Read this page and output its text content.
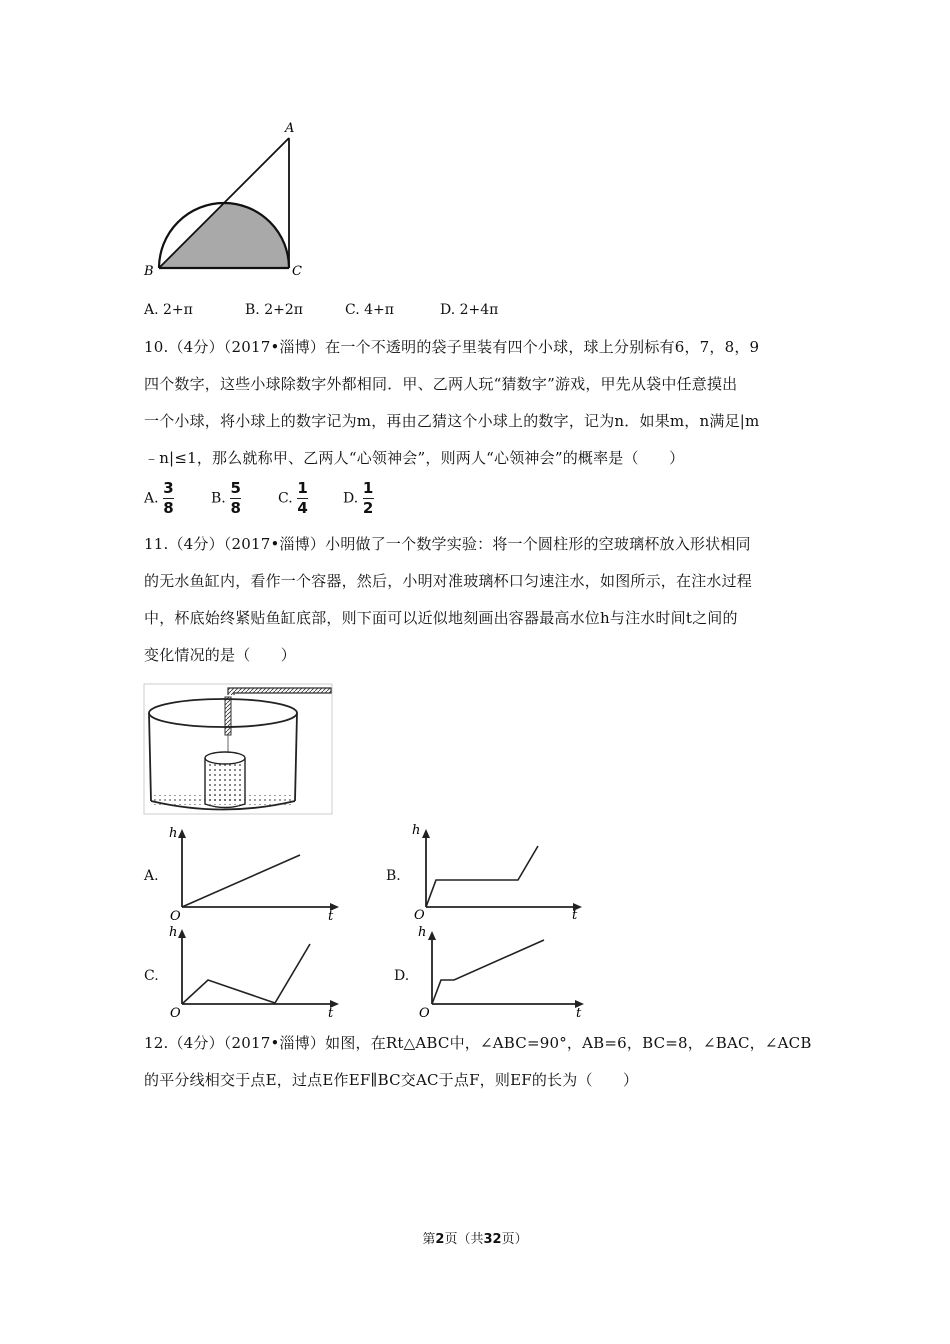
A
B	C
A. 2+π	B. 2+2π	C. 4+π	D. 2+4π
10.（4分）（2017•淄博）在一个不透明的袋子里装有四个小球，球上分别标有6，7，8，9
四个数字，这些小球除数字外都相同．甲、乙两人玩“猜数字”游戏，甲先从袋中任意摸出
一个小球，将小球上的数字记为m，再由乙猜这个小球上的数字，记为n．如果m，n满足|m
﹣n|≤1，那么就称甲、乙两人“心领神会”，则两人“心领神会”的概率是（　　）
A. $\frac{3}{8}$	B. $\frac{5}{8}$	C. $\frac{1}{4} D$. $\frac{1}{2}$
11.（4分）（2017•淄博）小明做了一个数学实验：将一个圆柱形的空玻璃杯放入形状相同
的无水鱼缸内，看作一个容器，然后，小明对准玻璃杯口匀速注水，如图所示，在注水过程
中，杯底始终紧贴鱼缸底部，则下面可以近似地刻画出容器最高水位h与注水时间t之间的
变化情况的是（　　）
A.
h
t
O
B.
h
t
O
C.
h
t
O
D.
h
t
O
12.（4分）（2017•淄博）如图，在Rt△ABC中，∠ABC=90°，AB=6，BC=8，∠BAC，∠ACB
的平分线相交于点E，过点E作EF∥BC交AC于点F，则EF的长为（　　）
第2页（共32页）
